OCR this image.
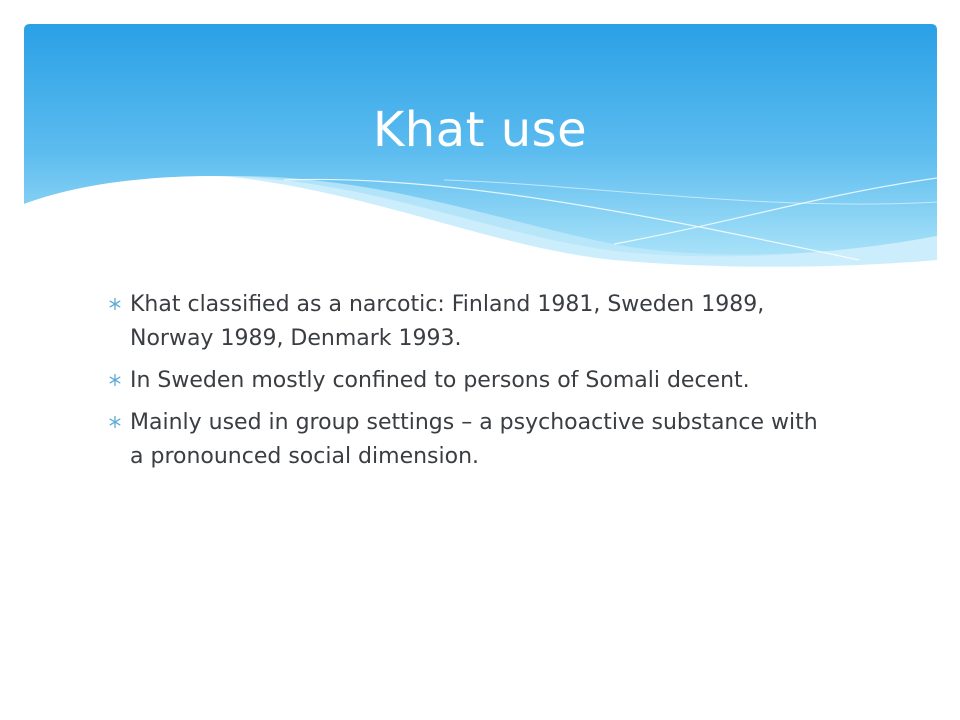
Khat use
Khat classified as a narcotic: Finland 1981, Sweden 1989, Norway 1989, Denmark 1993.
In Sweden mostly confined to persons of Somali decent.
Mainly used in group settings – a psychoactive substance with a pronounced social dimension.
